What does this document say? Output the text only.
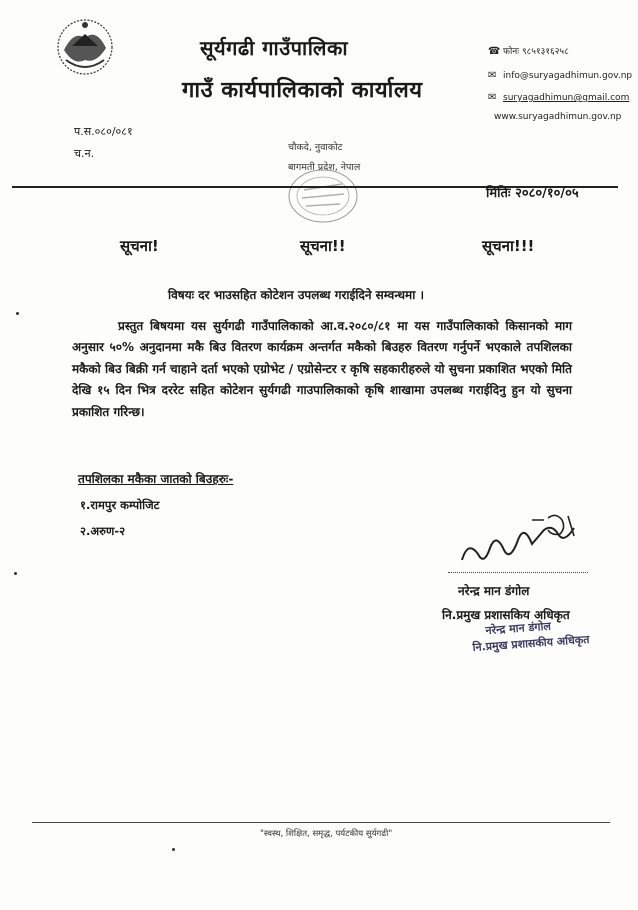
सूर्यगढी गाउँपालिका
गाउँ कार्यपालिकाको कार्यालय
☎ फोनः ९८५१३१६२५८
✉ info@suryagadhimun.gov.np
✉ suryagadhimun@gmail.com
www.suryagadhimun.gov.np
प.स.०८०/०८१
च.न.	चौकदे, नुवाकोट
बागमती प्रदेश, नेपाल
मितिः २०८०/१०/०५
सूचना!	सूचना!!	सूचना!!!
विषयः दर भाउसहित कोटेशन उपलब्ध गराईदिने सम्वन्धमा ।
प्रस्तुत बिषयमा यस सुर्यगढी गाउँपालिकाको आ.व.२०८०/८१ मा यस गाउँपालिकाको किसानको माग अनुसार ५०% अनुदानमा मकै बिउ वितरण कार्यक्रम अन्तर्गत मकैको बिउहरु वितरण गर्नुपर्ने भएकाले तपशिलका मकैको बिउ बिक्री गर्न चाहाने दर्ता भएको एग्रोभेट / एग्रोसेन्टर र कृषि सहकारीहरुले यो सुचना प्रकाशित भएको मिति देखि १५ दिन भित्र दररेट सहित कोटेशन सुर्यगढी गाउपालिकाको कृषि शाखामा उपलब्ध गराईदिनु हुन यो सुचना प्रकाशित गरिन्छ।
तपशिलका मकैका जातको बिउहरुः-
१.रामपुर कम्पोजिट
२.अरुण-२
नरेन्द्र मान डंगोल
नि.प्रमुख प्रशासकिय अधिकृत
नरेन्द्र मान डंगोल
नि.प्रमुख प्रशासकीय अधिकृत
"स्वस्थ, शिक्षित, समृद्ध, पर्यटकीय सुर्यगढी"
